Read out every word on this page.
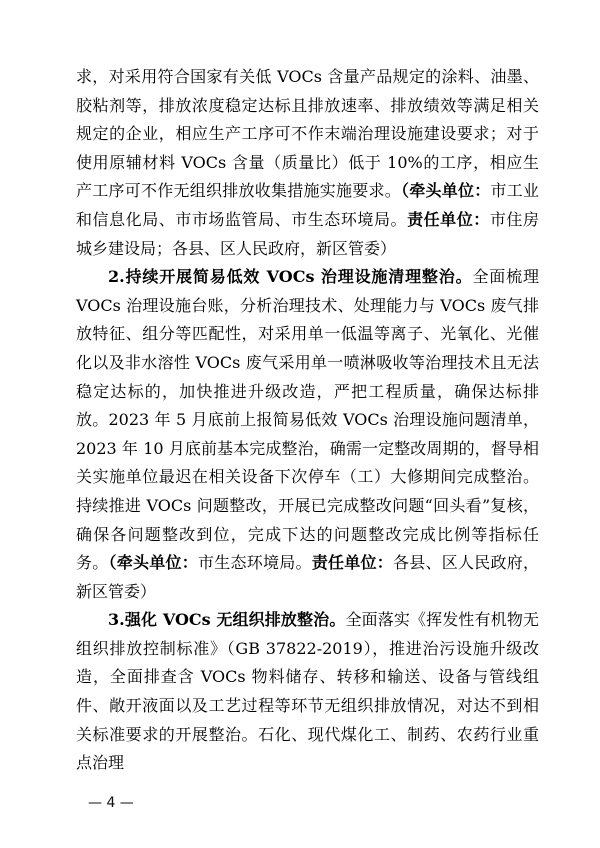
求，对采用符合国家有关低 VOCs 含量产品规定的涂料、油墨、胶粘剂等，排放浓度稳定达标且排放速率、排放绩效等满足相关规定的企业，相应生产工序可不作末端治理设施建设要求；对于使用原辅材料 VOCs 含量（质量比）低于 10%的工序，相应生产工序可不作无组织排放收集措施实施要求。（牵头单位：市工业和信息化局、市市场监管局、市生态环境局。责任单位：市住房城乡建设局；各县、区人民政府，新区管委）

2.持续开展简易低效 VOCs 治理设施清理整治。全面梳理 VOCs 治理设施台账，分析治理技术、处理能力与 VOCs 废气排放特征、组分等匹配性，对采用单一低温等离子、光氧化、光催化以及非水溶性 VOCs 废气采用单一喷淋吸收等治理技术且无法稳定达标的，加快推进升级改造，严把工程质量，确保达标排放。2023 年 5 月底前上报简易低效 VOCs 治理设施问题清单，2023 年 10 月底前基本完成整治，确需一定整改周期的，督导相关实施单位最迟在相关设备下次停车（工）大修期间完成整治。持续推进 VOCs 问题整改，开展已完成整改问题“回头看”复核，确保各问题整改到位，完成下达的问题整改完成比例等指标任务。（牵头单位：市生态环境局。责任单位：各县、区人民政府，新区管委）

3.强化 VOCs 无组织排放整治。全面落实《挥发性有机物无组织排放控制标准》（GB 37822-2019），推进治污设施升级改造，全面排查含 VOCs 物料储存、转移和输送、设备与管线组件、敞开液面以及工艺过程等环节无组织排放情况，对达不到相关标准要求的开展整治。石化、现代煤化工、制药、农药行业重点治理

— 4 —
